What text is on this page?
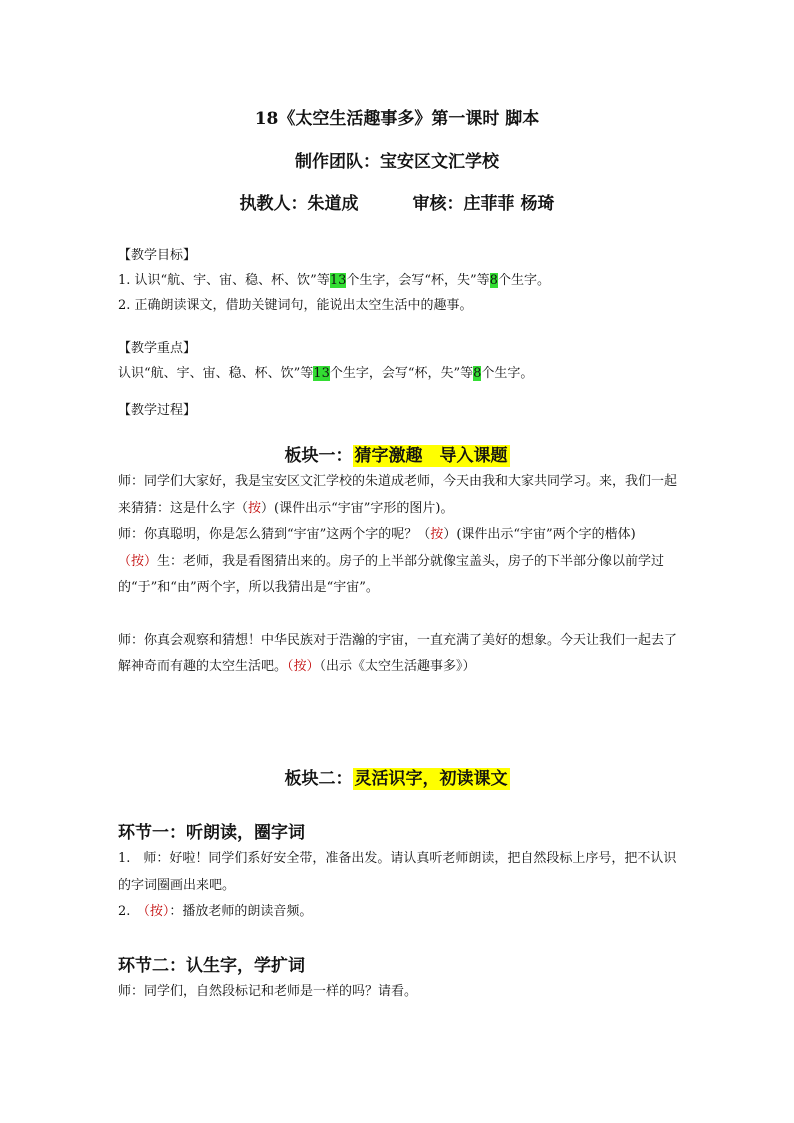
18《太空生活趣事多》第一课时 脚本
制作团队：宝安区文汇学校
执教人：朱道成	审核：庄菲菲 杨琦

【教学目标】

1. 认识“航、宇、宙、稳、杯、饮”等13个生字，会写“杯，失”等8个生字。

2. 正确朗读课文，借助关键词句，能说出太空生活中的趣事。

【教学重点】

认识“航、宇、宙、稳、杯、饮”等13个生字，会写“杯，失”等8个生字。

【教学过程】

板块一： 猜字激趣　导入课题

师：同学们大家好，我是宝安区文汇学校的朱道成老师，今天由我和大家共同学习。来，我们一起来猜猜：这是什么字（按）(课件出示“宇宙”字形的图片)。

师：你真聪明，你是怎么猜到“宇宙”这两个字的呢？（按）(课件出示“宇宙”两个字的楷体)

（按）生：老师，我是看图猜出来的。房子的上半部分就像宝盖头，房子的下半部分像以前学过的“于”和“由”两个字，所以我猜出是“宇宙”。

师：你真会观察和猜想！中华民族对于浩瀚的宇宙，一直充满了美好的想象。今天让我们一起去了解神奇而有趣的太空生活吧。（按）（出示《太空生活趣事多》）

板块二： 灵活识字，初读课文
环节一：听朗读，圈字词

1.　师：好啦！同学们系好安全带，准备出发。请认真听老师朗读，把自然段标上序号，把不认识的字词圈画出来吧。

2.　（按）：播放老师的朗读音频。

环节二：认生字，学扩词

师：同学们，自然段标记和老师是一样的吗？请看。
